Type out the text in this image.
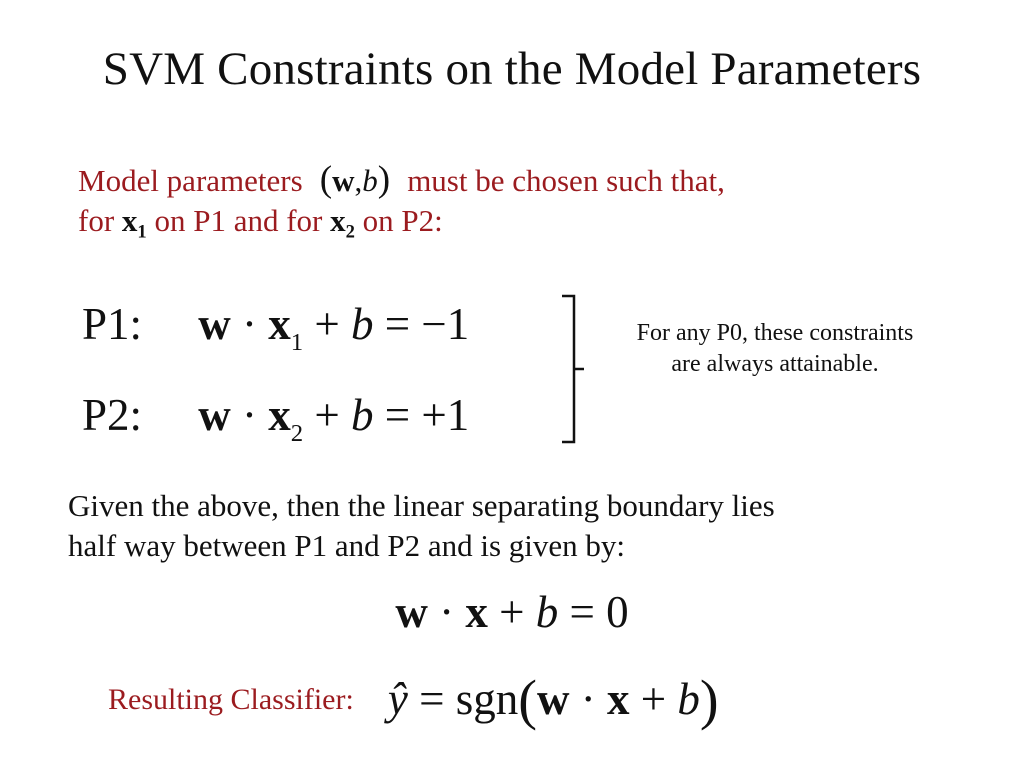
SVM Constraints on the Model Parameters
Model parameters  (w,b)  must be chosen such that,
for $x_1$ on P1 and for $x_2$ on P2:
P1: $w \cdot x_1 + b = -1$
P2: $w \cdot x_2 + b = +1$
For any P0, these constraints are always attainable.
Given the above, then the linear separating boundary lies
half way between P1 and P2 and is given by:
w · x + b = 0
Resulting Classifier: ŷ = sgn(w · x + b)
